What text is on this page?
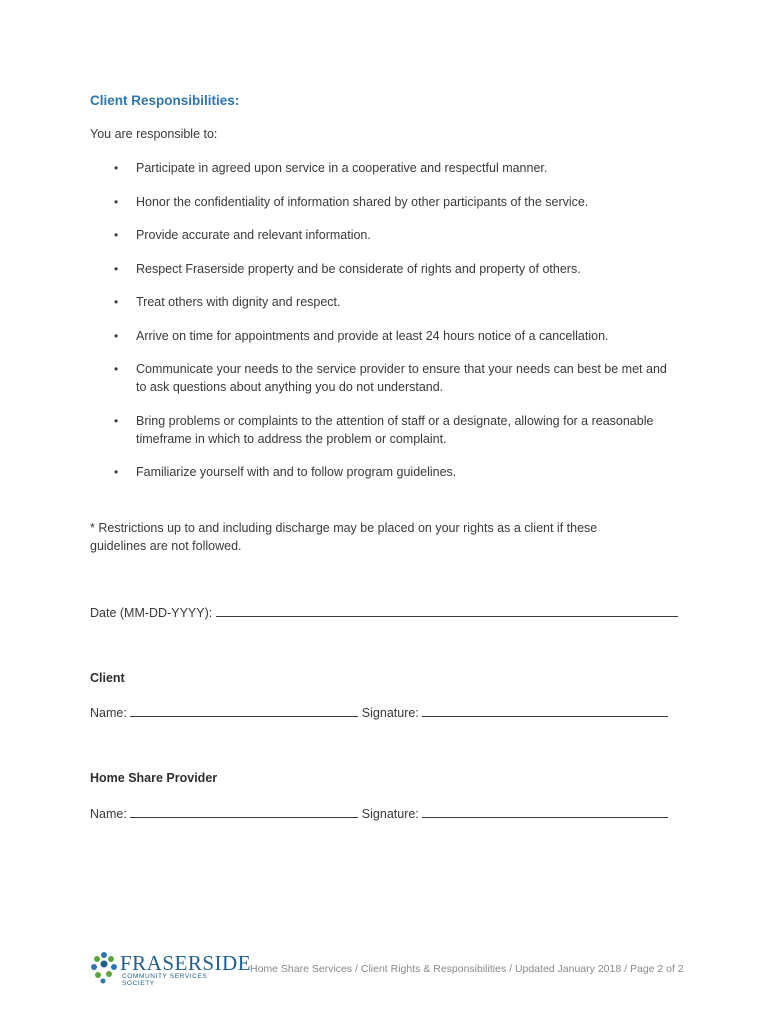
Client Responsibilities:
You are responsible to:
• Participate in agreed upon service in a cooperative and respectful manner.
• Honor the confidentiality of information shared by other participants of the service.
• Provide accurate and relevant information.
• Respect Fraserside property and be considerate of rights and property of others.
• Treat others with dignity and respect.
• Arrive on time for appointments and provide at least 24 hours notice of a cancellation.
• Communicate your needs to the service provider to ensure that your needs can best be met and to ask questions about anything you do not understand.
• Bring problems or complaints to the attention of staff or a designate, allowing for a reasonable timeframe in which to address the problem or complaint.
• Familiarize yourself with and to follow program guidelines.
* Restrictions up to and including discharge may be placed on your rights as a client if these guidelines are not followed.
Date (MM-DD-YYYY):
Client
Name:	Signature:
Home Share Provider
Name:	Signature:
FRASERSIDE
COMMUNITY SERVICES SOCIETY
Home Share Services / Client Rights & Responsibilities / Updated January 2018 / Page 2 of 2
